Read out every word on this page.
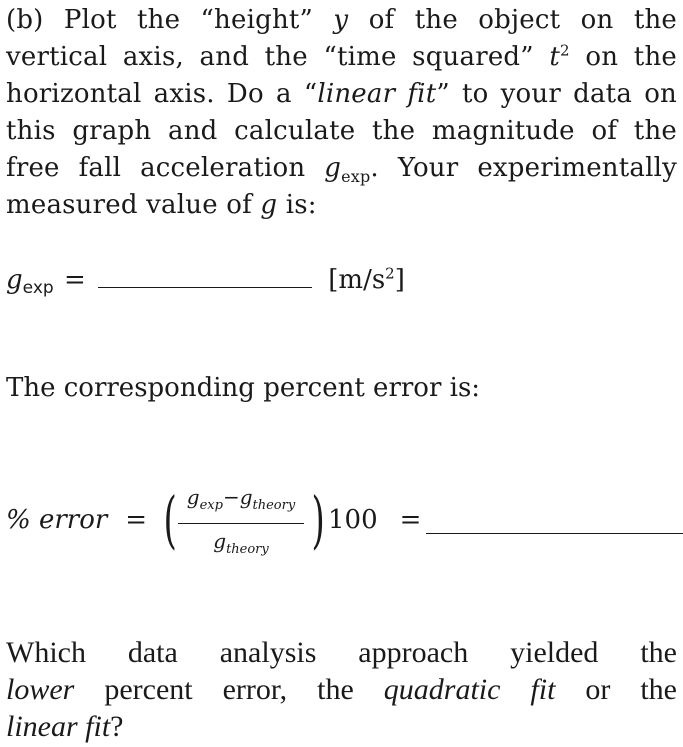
(b) Plot the “height” y of the object on the
vertical axis, and the “time squared” $t^2$ on the
horizontal axis. Do a “linear fit” to your data on
this graph and calculate the magnitude of the
free fall acceleration $g_{exp}$. Your experimentally
measured value of g is:
gexp =	$[m/s^2]$
The corresponding percent error is:
% error = ( $g_{exp}-g_{theory}$
$g_{theory}$ ) 100 =
Which data analysis approach yielded the
lower percent error, the quadratic fit or the
linear fit?
